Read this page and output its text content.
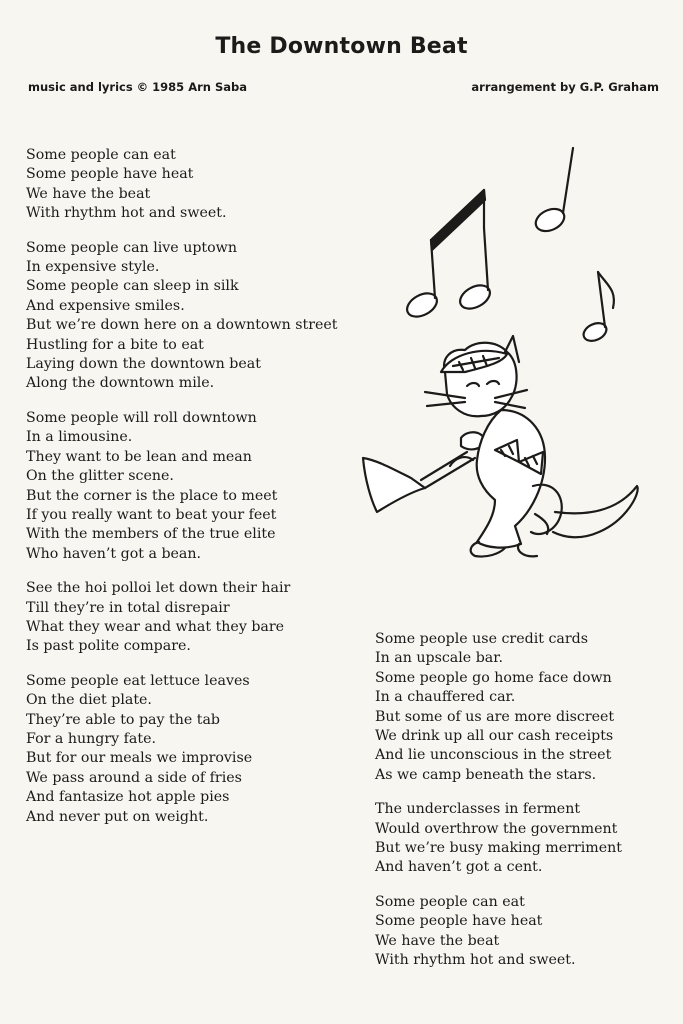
The Downtown Beat
music and lyrics © 1985 Arn Saba	arrangement by G.P. Graham
Some people can eat
Some people have heat
We have the beat
With rhythm hot and sweet.
Some people can live uptown
In expensive style.
Some people can sleep in silk
And expensive smiles.
But we’re down here on a downtown street
Hustling for a bite to eat
Laying down the downtown beat
Along the downtown mile.
Some people will roll downtown
In a limousine.
They want to be lean and mean
On the glitter scene.
But the corner is the place to meet
If you really want to beat your feet
With the members of the true elite
Who haven’t got a bean.
See the hoi polloi let down their hair
Till they’re in total disrepair
What they wear and what they bare
Is past polite compare.
Some people eat lettuce leaves
On the diet plate.
They’re able to pay the tab
For a hungry fate.
But for our meals we improvise
We pass around a side of fries
And fantasize hot apple pies
And never put on weight.
Some people use credit cards
In an upscale bar.
Some people go home face down
In a chauffered car.
But some of us are more discreet
We drink up all our cash receipts
And lie unconscious in the street
As we camp beneath the stars.
The underclasses in ferment
Would overthrow the government
But we’re busy making merriment
And haven’t got a cent.
Some people can eat
Some people have heat
We have the beat
With rhythm hot and sweet.
